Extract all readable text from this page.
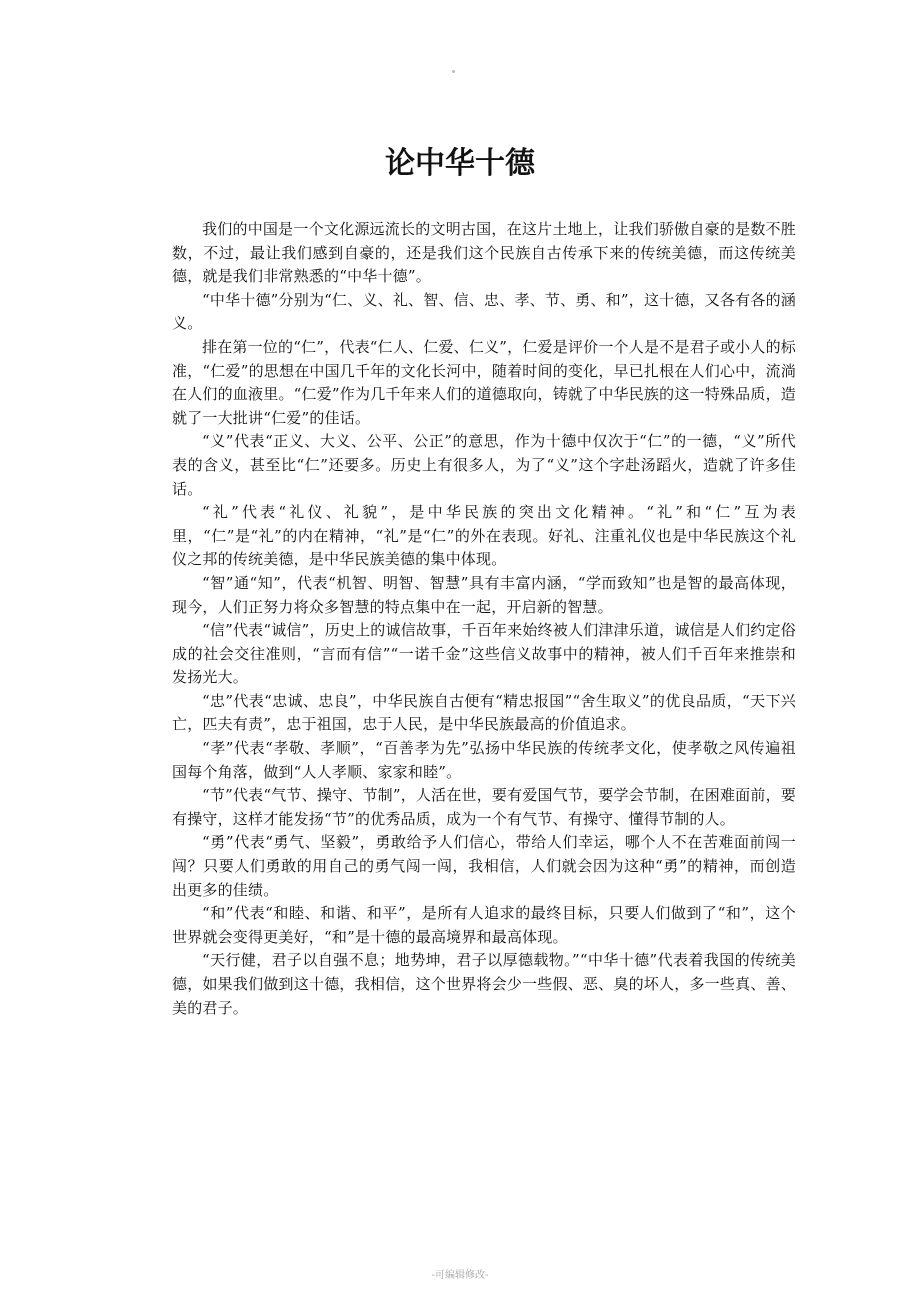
论中华十德

我们的中国是一个文化源远流长的文明古国，在这片土地上，让我们骄傲自豪的是数不胜数，不过，最让我们感到自豪的，还是我们这个民族自古传承下来的传统美德，而这传统美德，就是我们非常熟悉的“中华十德”。

“中华十德”分别为“仁、义、礼、智、信、忠、孝、节、勇、和”，这十德，又各有各的涵义。

排在第一位的“仁”，代表“仁人、仁爱、仁义”，仁爱是评价一个人是不是君子或小人的标准，“仁爱”的思想在中国几千年的文化长河中，随着时间的变化，早已扎根在人们心中，流淌在人们的血液里。“仁爱”作为几千年来人们的道德取向，铸就了中华民族的这一特殊品质，造就了一大批讲“仁爱”的佳话。

“义”代表“正义、大义、公平、公正”的意思，作为十德中仅次于“仁”的一德，“义”所代表的含义，甚至比“仁”还要多。历史上有很多人，为了“义”这个字赴汤蹈火，造就了许多佳话。

“礼”代表“礼仪、礼貌”，是中华民族的突出文化精神。“礼”和“仁”互为表里，“仁”是“礼”的内在精神，“礼”是“仁”的外在表现。好礼、注重礼仪也是中华民族这个礼仪之邦的传统美德，是中华民族美德的集中体现。

“智”通“知”，代表“机智、明智、智慧”具有丰富内涵，“学而致知”也是智的最高体现，现今，人们正努力将众多智慧的特点集中在一起，开启新的智慧。

“信”代表“诚信”，历史上的诚信故事，千百年来始终被人们津津乐道，诚信是人们约定俗成的社会交往准则，“言而有信”“一诺千金”这些信义故事中的精神，被人们千百年来推崇和发扬光大。

“忠”代表“忠诚、忠良”，中华民族自古便有“精忠报国”“舍生取义”的优良品质，“天下兴亡，匹夫有责”，忠于祖国，忠于人民，是中华民族最高的价值追求。

“孝”代表“孝敬、孝顺”，“百善孝为先”弘扬中华民族的传统孝文化，使孝敬之风传遍祖国每个角落，做到“人人孝顺、家家和睦”。

“节”代表“气节、操守、节制”，人活在世，要有爱国气节，要学会节制，在困难面前，要有操守，这样才能发扬“节”的优秀品质，成为一个有气节、有操守、懂得节制的人。

“勇”代表“勇气、坚毅”，勇敢给予人们信心，带给人们幸运，哪个人不在苦难面前闯一闯？只要人们勇敢的用自己的勇气闯一闯，我相信，人们就会因为这种“勇”的精神，而创造 出更多的佳绩。

“和”代表“和睦、和谐、和平”，是所有人追求的最终目标，只要人们做到了“和”，这个世界就会变得更美好，“和”是十德的最高境界和最高体现。

“天行健，君子以自强不息；地势坤，君子以厚德载物。”“中华十德”代表着我国的传统美德，如果我们做到这十德，我相信，这个世界将会少一些假、恶、臭的坏人，多一些真、善、美的君子。

-可编辑修改-
